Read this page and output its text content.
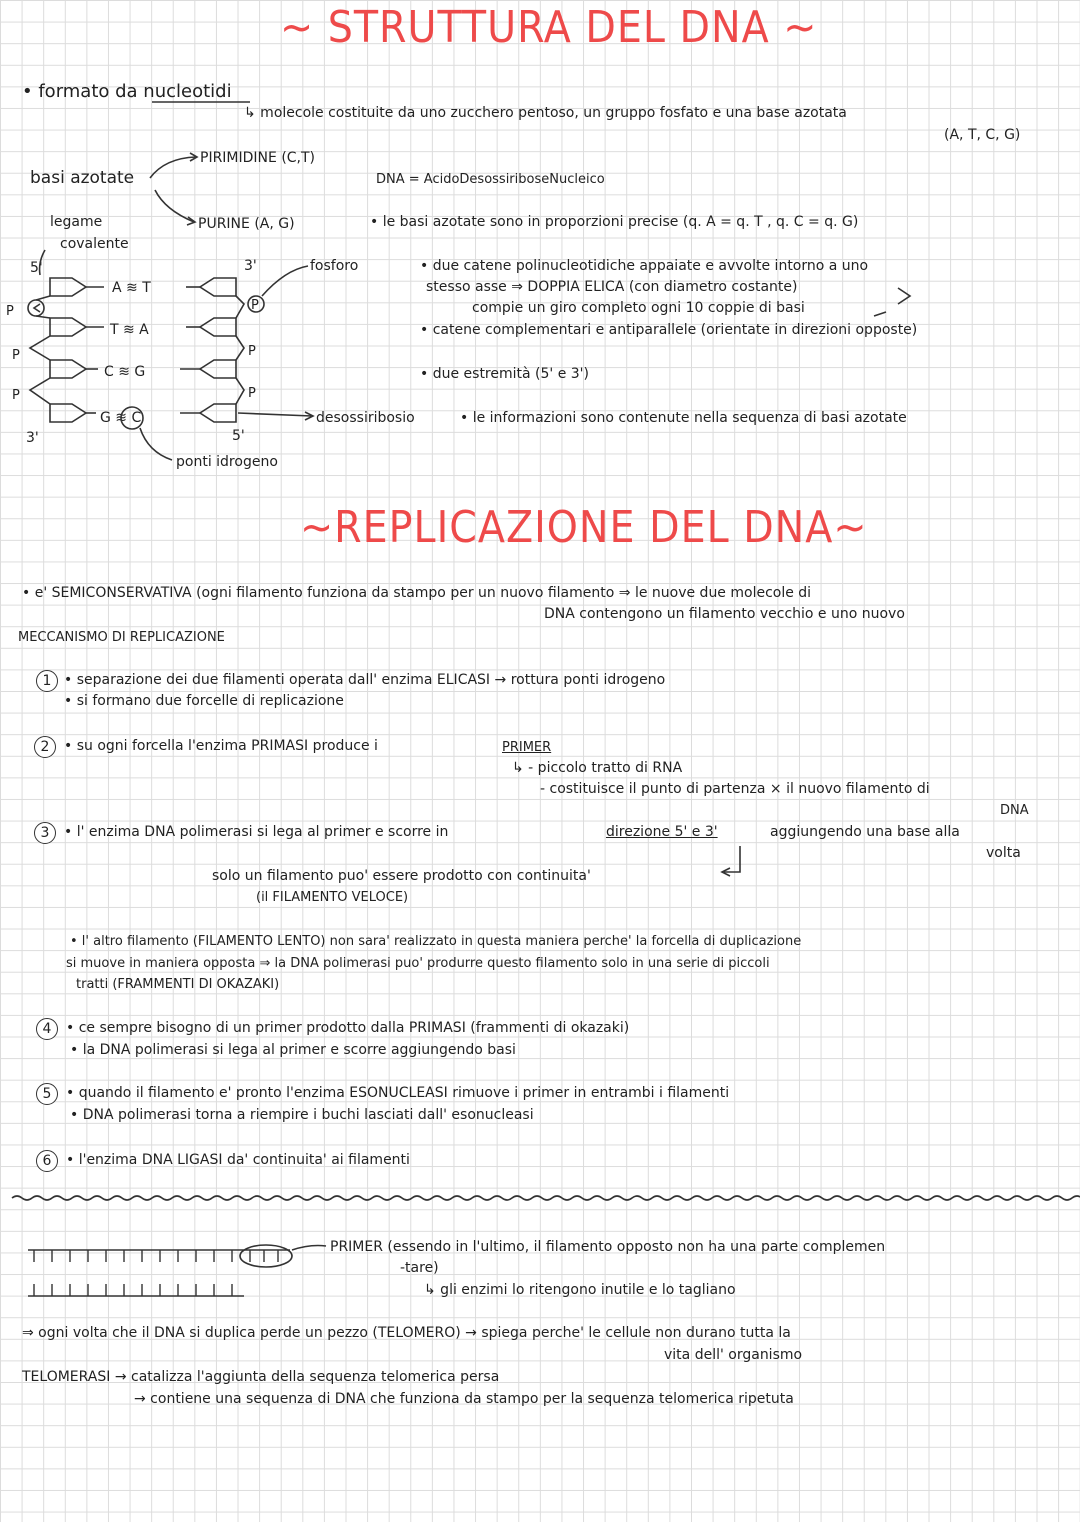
~ STRUTTURA DEL DNA ~
• formato da nucleotidi
↳ molecole costituite da uno zucchero pentoso, un gruppo fosfato e una base azotata
(A, T, C, G)
basi azotate
PIRIMIDINE (C,T)
PURINE (A, G)
DNA = AcidoDesossiriboseNucleico
• le basi azotate sono in proporzioni precise (q. A = q. T , q. C = q. G)
legame
covalente
5'	3'
3'	5'
P
P
P
P
P
P
A ≋ T
T ≋ A
C ≋ G
G ≋ C
fosforo
desossiribosio
ponti idrogeno
• due catene polinucleotidiche appaiate e avvolte intorno a uno
stesso asse ⇒ DOPPIA ELICA (con diametro costante)
compie un giro completo ogni 10 coppie di basi
• catene complementari e antiparallele (orientate in direzioni opposte)
• due estremità (5' e 3')
• le informazioni sono contenute nella sequenza di basi azotate
~REPLICAZIONE DEL DNA~
• e' SEMICONSERVATIVA (ogni filamento funziona da stampo per un nuovo filamento ⇒ le nuove due molecole di
DNA contengono un filamento vecchio e uno nuovo
MECCANISMO DI REPLICAZIONE
1 • separazione dei due filamenti operata dall' enzima ELICASI → rottura ponti idrogeno
• si formano due forcelle di replicazione
2	• su ogni forcella l'enzima PRIMASI produce i	PRIMER
↳ - piccolo tratto di RNA
- costituisce il punto di partenza × il nuovo filamento di
DNA
3	• l' enzima DNA polimerasi si lega al primer e scorre in	direzione 5' e 3'	aggiungendo una base alla
volta
solo un filamento puo' essere prodotto con continuita'
(il FILAMENTO VELOCE)
• l' altro filamento (FILAMENTO LENTO) non sara' realizzato in questa maniera perche' la forcella di duplicazione
si muove in maniera opposta ⇒ la DNA polimerasi puo' produrre questo filamento solo in una serie di piccoli
tratti (FRAMMENTI DI OKAZAKI)
4	• ce sempre bisogno di un primer prodotto dalla PRIMASI (frammenti di okazaki)
• la DNA polimerasi si lega al primer e scorre aggiungendo basi
5	• quando il filamento e' pronto l'enzima ESONUCLEASI rimuove i primer in entrambi i filamenti
• DNA polimerasi torna a riempire i buchi lasciati dall' esonucleasi
6	• l'enzima DNA LIGASI da' continuita' ai filamenti
PRIMER (essendo in l'ultimo, il filamento opposto non ha una parte complemen
-tare)
↳ gli enzimi lo ritengono inutile e lo tagliano
⇒ ogni volta che il DNA si duplica perde un pezzo (TELOMERO) → spiega perche' le cellule non durano tutta la
vita dell' organismo
TELOMERASI → catalizza l'aggiunta della sequenza telomerica persa
→ contiene una sequenza di DNA che funziona da stampo per la sequenza telomerica ripetuta
